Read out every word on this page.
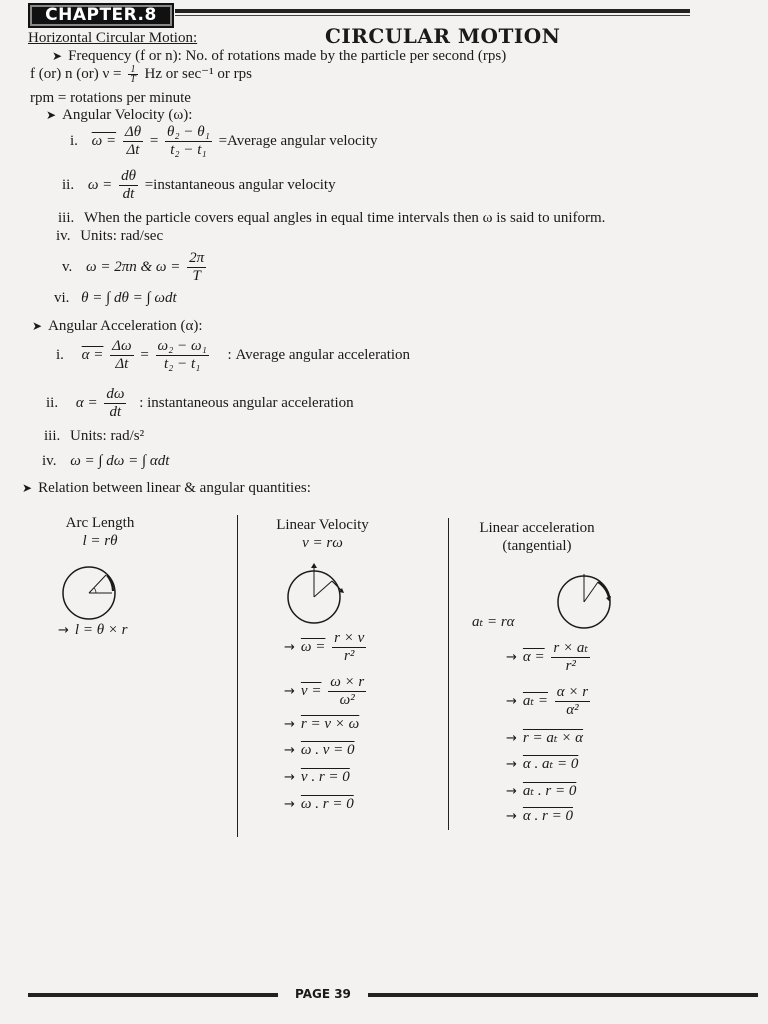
CHAPTER.8
CIRCULAR MOTION
Horizontal Circular Motion:
➤ Frequency (f or n): No. of rotations made by the particle per second (rps)
f (or) n (or) $\nu = \frac{1}{T}$ Hz or sec⁻¹ or rps
rpm = rotations per minute
➤ Angular Velocity (ω):
i. $\omega = \frac{\Delta\theta}{\Delta t} = \frac{\text{θ₂ − θ₁}}{\text{t₂ − t₁}}$ =Average angular velocity
ii. $\omega = \frac{d\theta}{dt}$ =instantaneous angular velocity
iii. When the particle covers equal angles in equal time intervals then ω is said to uniform.
iv. Units: rad/sec
v. ω = 2πn & $\omega = \frac{2\pi}{T}$
vi. θ = ∫ dθ = ∫ ωdt
➤ Angular Acceleration (α):
i. $\alpha = \frac{\Delta\omega}{\Delta t} = \frac{\text{ω₂ − ω₁}}{\text{t₂ − t₁}}$ : Average angular acceleration
ii. $\alpha = \frac{d\omega}{dt}$ : instantaneous angular acceleration
iii. Units: rad/s²
iv. ω = ∫ dω = ∫ αdt
➤ Relation between linear & angular quantities:
Arc Length
l = rθ
→ l = θ × r
Linear Velocity
v = rω
→ $\omega = \frac{r \times v}{\text{r²}}$
→ $v = \frac{\omega \times r}{\text{ω²}}$
→ r = v × ω
→ ω . v = 0
→ v . r = 0
→ ω . r = 0
Linear acceleration
(tangential)
aₜ = rα
→ $\alpha = \frac{\text{r × aₜ}}{\text{r²}}$
→ $a_t = \frac{\alpha \times r}{\text{α²}}$
→ r = aₜ × α
→ α . aₜ = 0
→ aₜ . r = 0
→ α . r = 0
PAGE 39
